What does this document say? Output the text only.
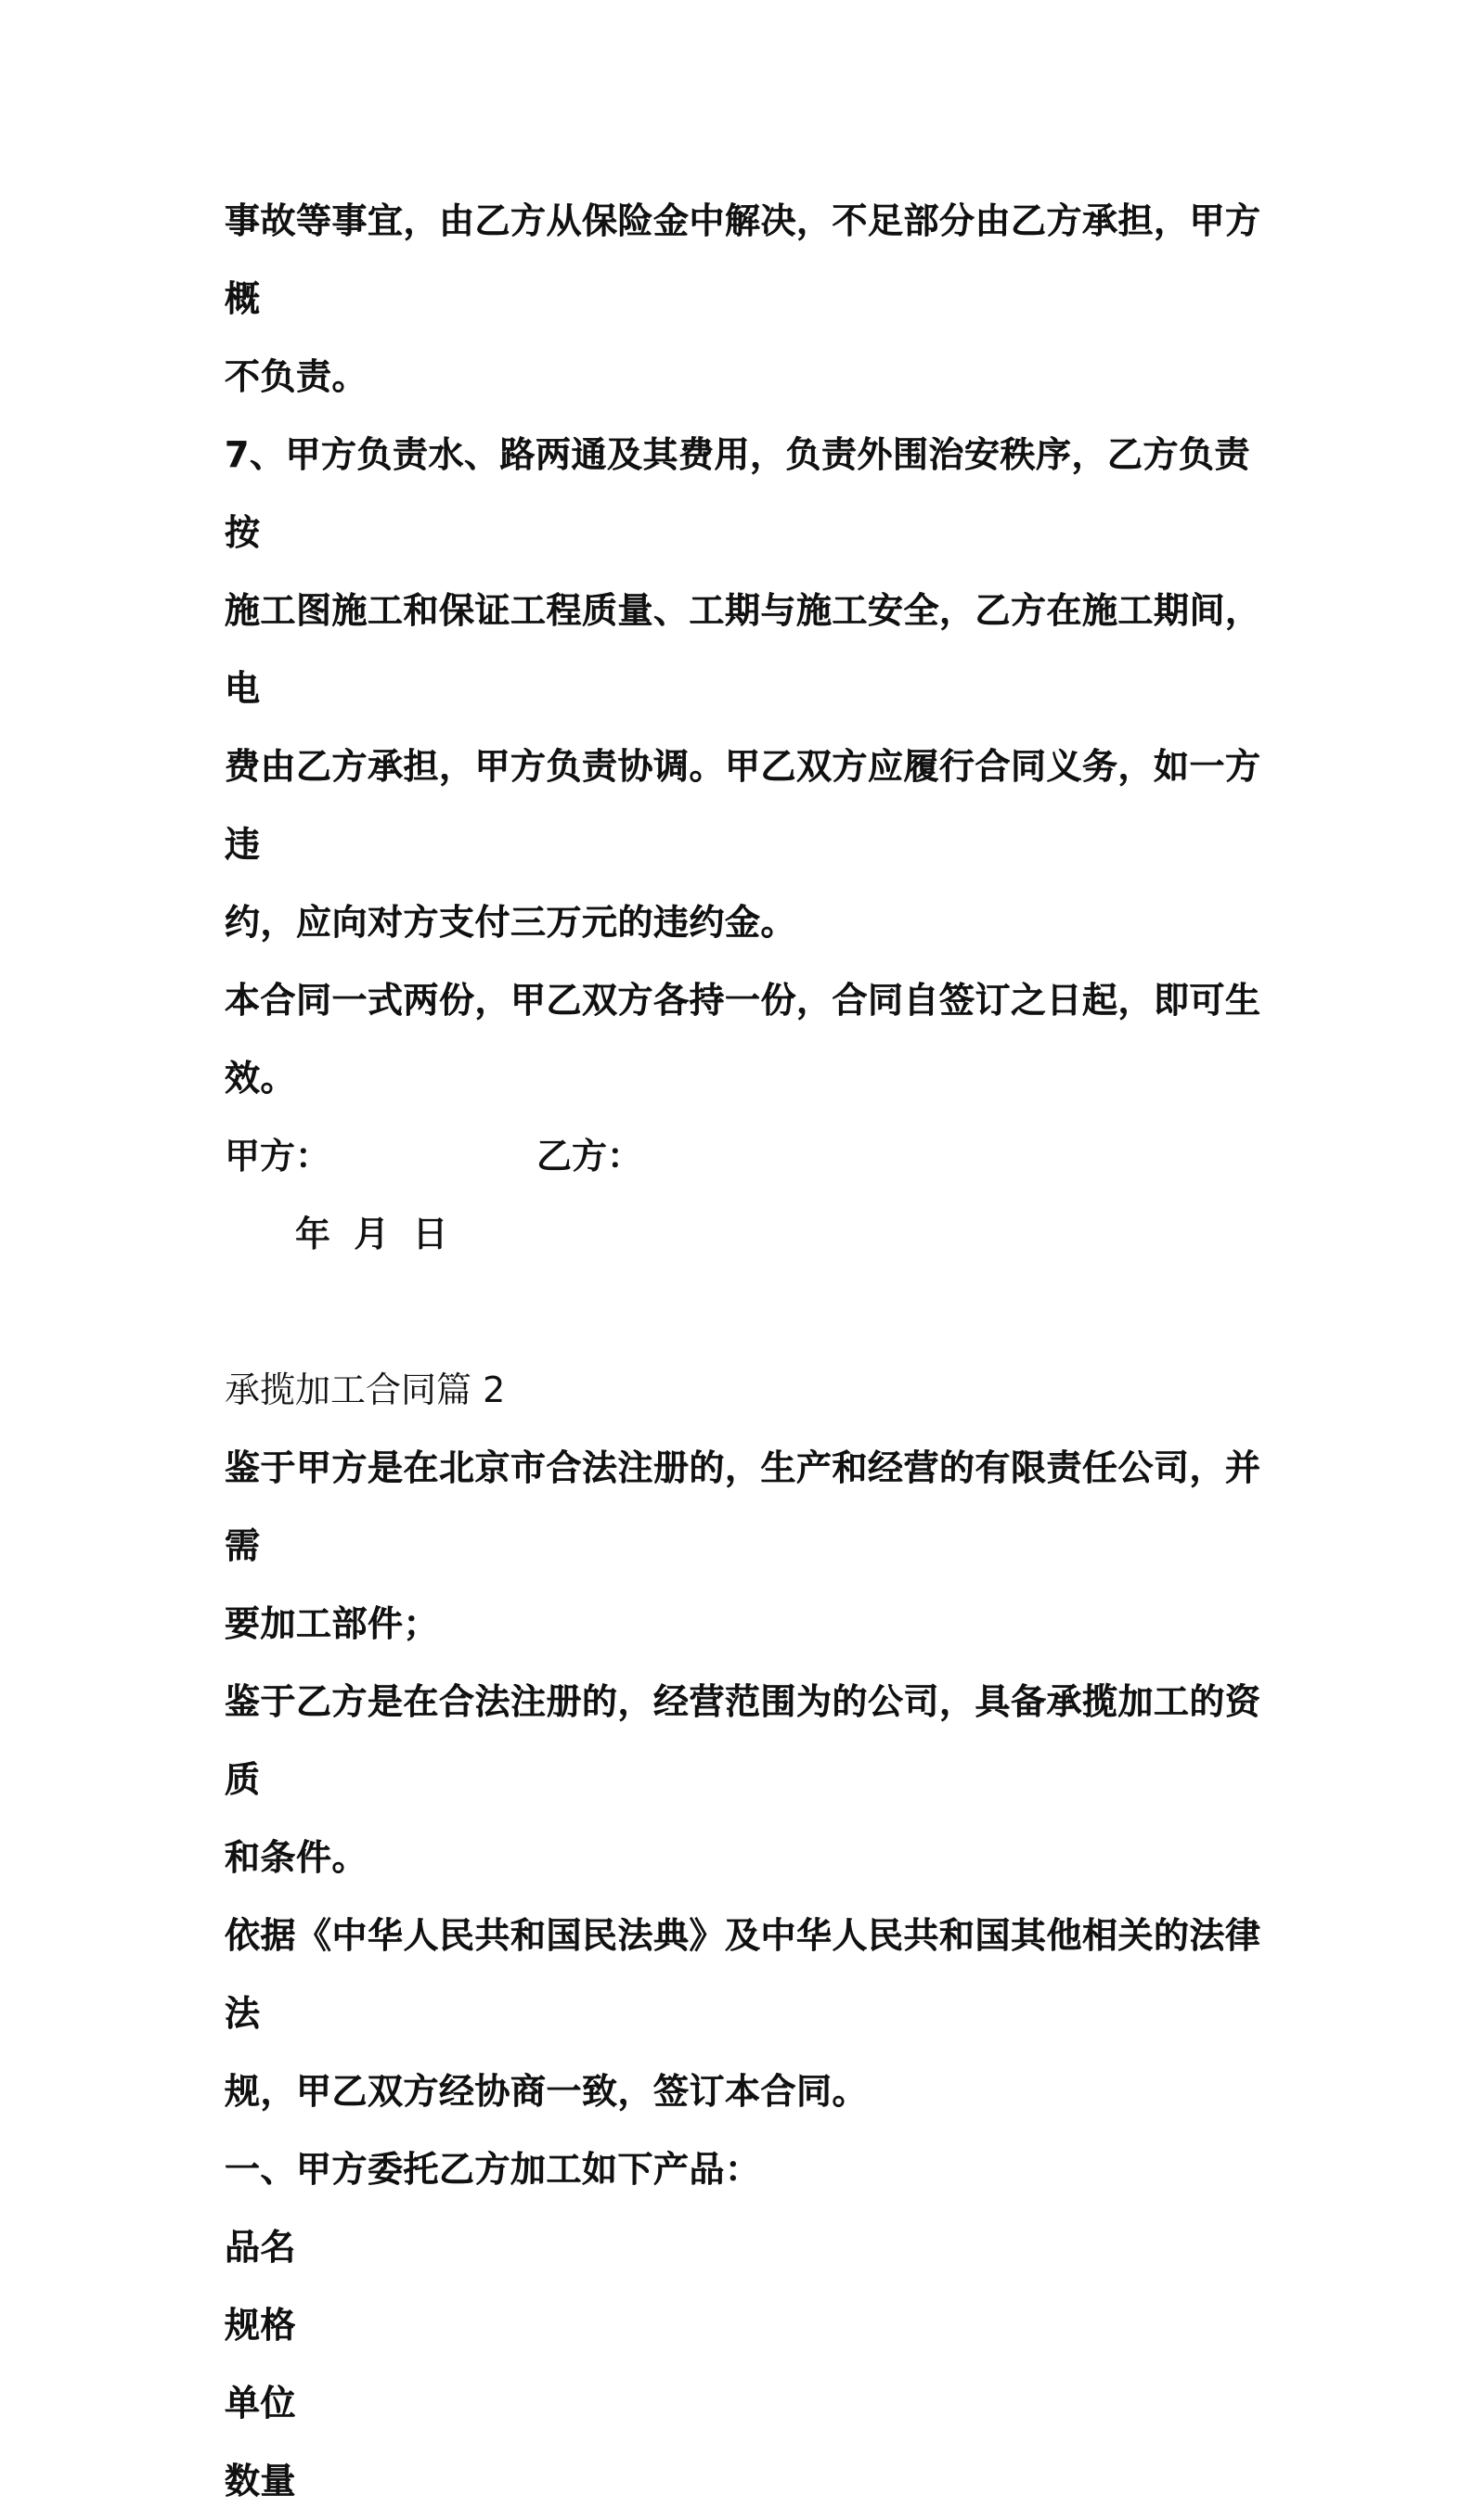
事故等事宜，由乙方从保险金中解决，不足部分由乙方承担，甲方概

不负责。

7、甲方负责水、路两通及其费用，负责外围治安秩序，乙方负责按

施工图施工和保证工程质量、工期与施工安全，乙方在施工期间，电

费由乙方承担，甲方负责协调。甲乙双方应履行合同义务，如一方违

约，应向对方支付三万元的违约金。

本合同一式两份，甲乙双方各持一份，合同自签订之日起，即可生效。

甲方：	乙方：
年 月 日
承揽加工合同篇 2

鉴于甲方是在北京市合法注册的，生产和经营的有限责任公司，并需

要加工部件；

鉴于乙方是在合法注册的，经营范围为的公司，具备承揽加工的资质

和条件。

依据《中华人民共和国民法典》及中华人民共和国其他相关的法律法

规，甲乙双方经协商一致，签订本合同。

一、甲方委托乙方加工如下产品：

品名

规格

单位

数量
